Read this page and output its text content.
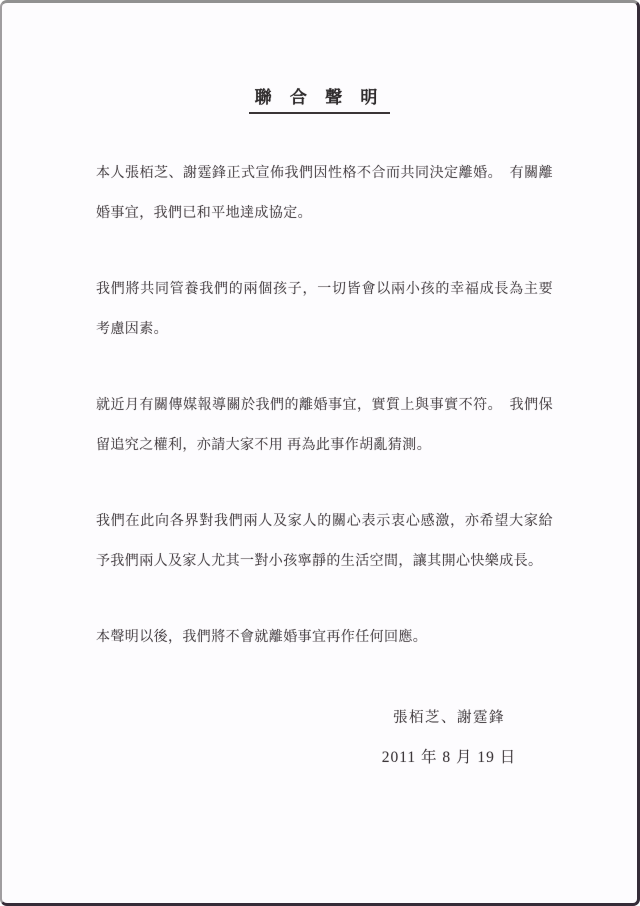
聯 合 聲 明

本人張栢芝、謝霆鋒正式宣佈我們因性格不合而共同決定離婚。　有關離婚事宜，我們已和平地達成協定。

我們將共同管養我們的兩個孩子，一切皆會以兩小孩的幸福成長為主要考慮因素。

就近月有關傳媒報導關於我們的離婚事宜，實質上與事實不符。　我們保留追究之權利，亦請大家不用 再為此事作胡亂猜測。

我們在此向各界對我們兩人及家人的關心表示衷心感激，亦希望大家給予我們兩人及家人尤其一對小孩寧靜的生活空間，讓其開心快樂成長。

本聲明以後，我們將不會就離婚事宜再作任何回應。

張栢芝、謝霆鋒
2011 年 8 月 19 日
